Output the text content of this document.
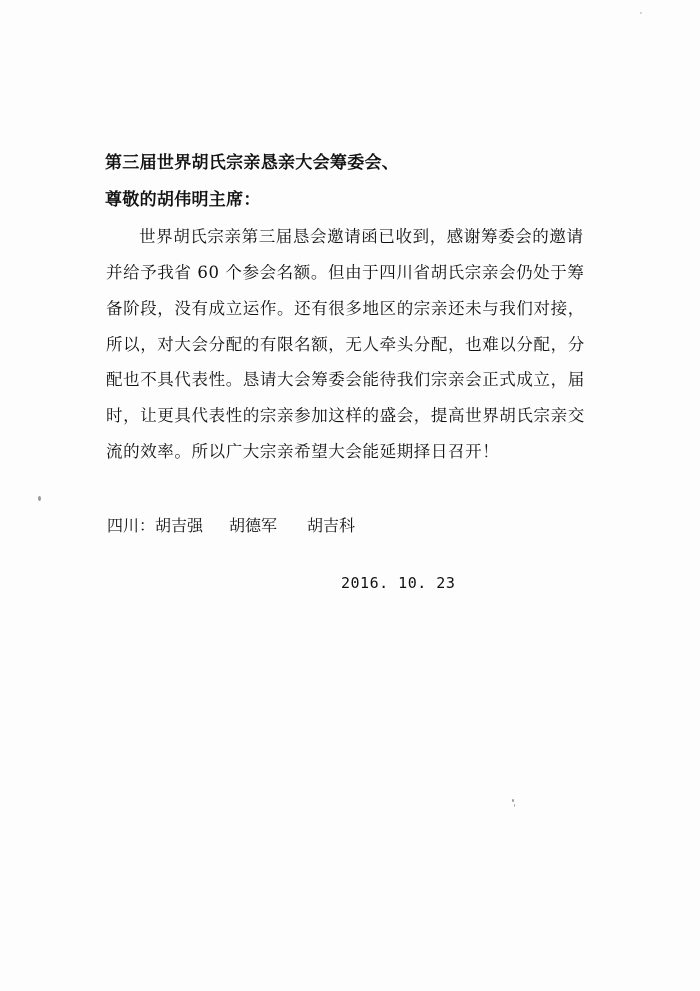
第三届世界胡氏宗亲恳亲大会筹委会、
尊敬的胡伟明主席：
世界胡氏宗亲第三届恳会邀请函已收到，感谢筹委会的邀请
并给予我省 60 个参会名额。但由于四川省胡氏宗亲会仍处于筹
备阶段，没有成立运作。还有很多地区的宗亲还未与我们对接，
所以，对大会分配的有限名额，无人牵头分配，也难以分配，分
配也不具代表性。恳请大会筹委会能待我们宗亲会正式成立，届
时，让更具代表性的宗亲参加这样的盛会，提高世界胡氏宗亲交
流的效率。所以广大宗亲希望大会能延期择日召开！
四川：胡吉强 胡德军 胡吉科
2016. 10. 23
